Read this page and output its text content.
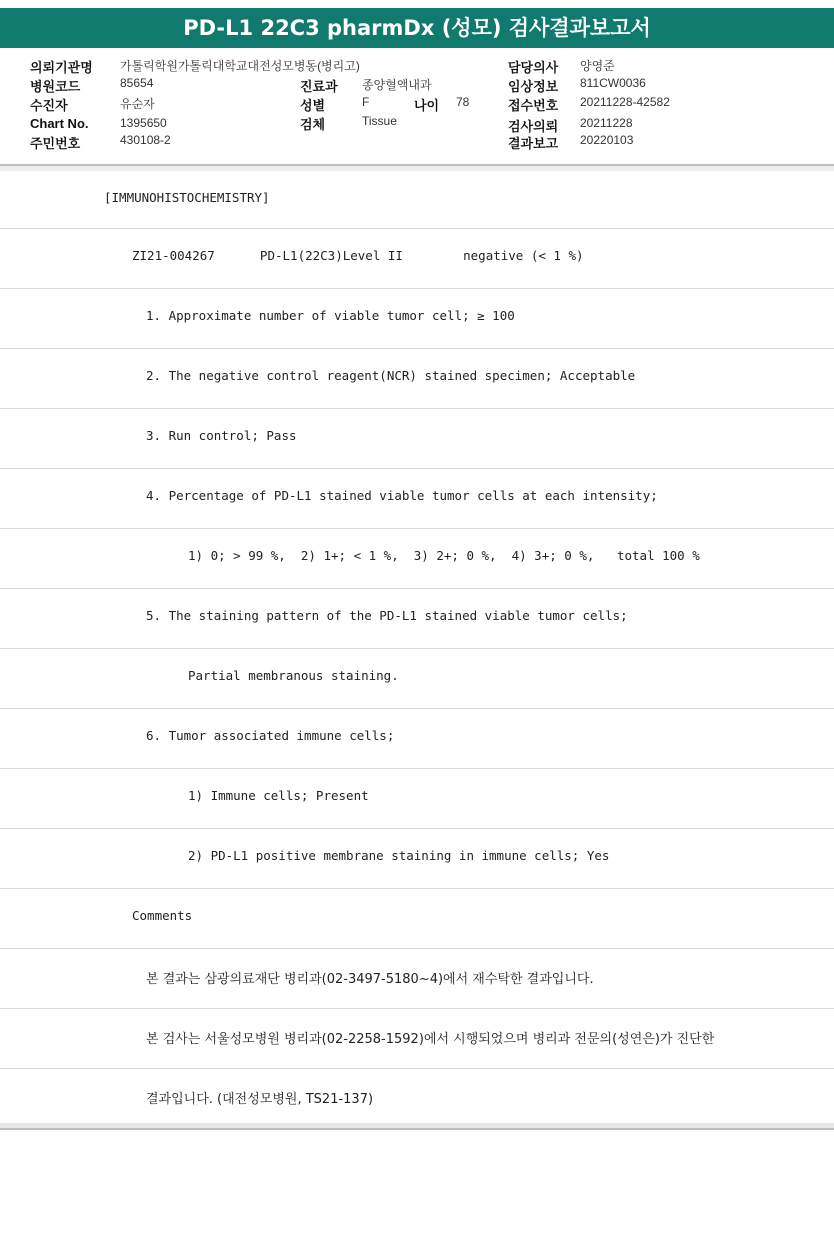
PD-L1 22C3 pharmDx (성모) 검사결과보고서
의뢰기관명 가톨릭학원가톨릭대학교대전성모병동(병리고)	담당의사 양영준
병원코드	85654	진료과 종양혈액내과	임상정보 811CW0036
수진자	유순자	성별	F	나이 78	접수번호 20211228-42582
Chart No.	1395650	검체	Tissue	검사의뢰 20211228
주민번호	430108-2	결과보고 20220103
[IMMUNOHISTOCHEMISTRY]
ZI21-004267      PD-L1(22C3)Level II        negative (< 1 %)
1. Approximate number of viable tumor cell; ≥ 100
2. The negative control reagent(NCR) stained specimen; Acceptable
3. Run control; Pass
4. Percentage of PD-L1 stained viable tumor cells at each intensity;
1) 0; > 99 %,  2) 1+; < 1 %,  3) 2+; 0 %,  4) 3+; 0 %,   total 100 %
5. The staining pattern of the PD-L1 stained viable tumor cells;
Partial membranous staining.
6. Tumor associated immune cells;
1) Immune cells; Present
2) PD-L1 positive membrane staining in immune cells; Yes
Comments
본 결과는 삼광의료재단 병리과(02-3497-5180~4)에서 재수탁한 결과입니다.
본 검사는 서울성모병원 병리과(02-2258-1592)에서 시행되었으며 병리과 전문의(성연은)가 진단한
결과입니다. (대전성모병원, TS21-137)
